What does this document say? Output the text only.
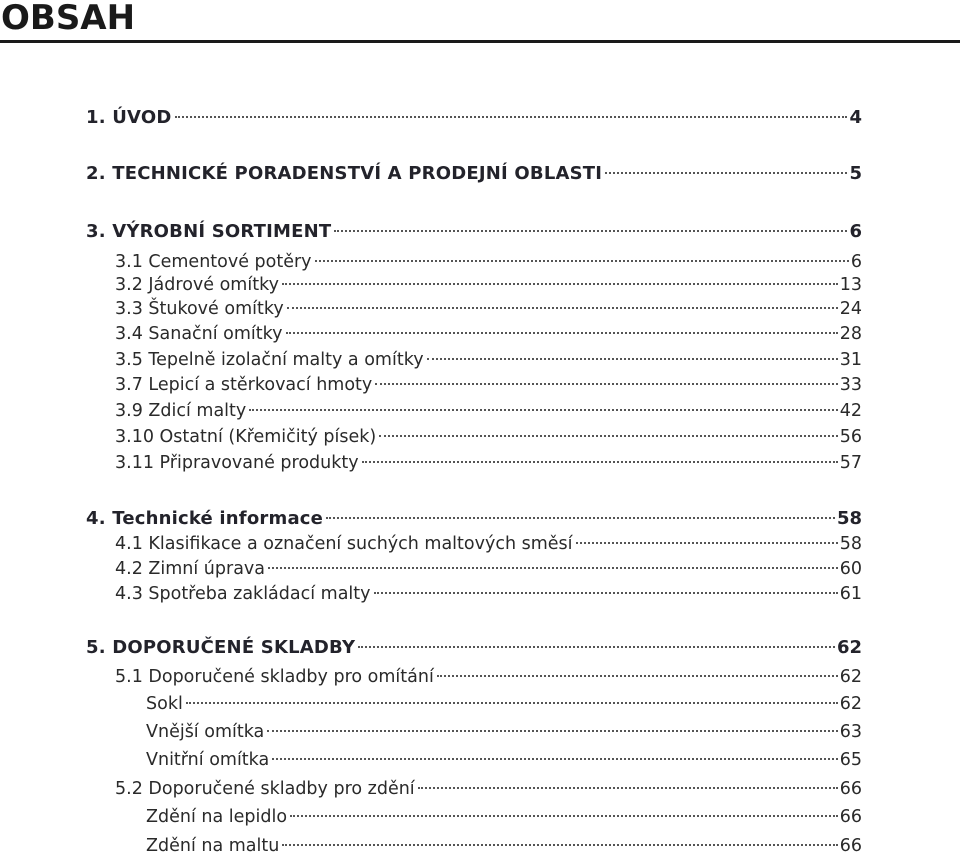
OBSAH
1. ÚVOD	4
2. TECHNICKÉ PORADENSTVÍ A PRODEJNÍ OBLASTI	5
3. VÝROBNÍ SORTIMENT	6
3.1 Cementové potěry	6
3.2 Jádrové omítky	13
3.3 Štukové omítky	24
3.4 Sanační omítky	28
3.5 Tepelně izolační malty a omítky	31
3.7 Lepicí a stěrkovací hmoty	33
3.9 Zdicí malty	42
3.10 Ostatní (Křemičitý písek)	56
3.11 Připravované produkty	57
4. Technické informace	58
4.1 Klasifikace a označení suchých maltových směsí	58
4.2 Zimní úprava	60
4.3 Spotřeba zakládací malty	61
5. DOPORUČENÉ SKLADBY	62
5.1 Doporučené skladby pro omítání	62
Sokl	62
Vnější omítka	63
Vnitřní omítka	65
5.2 Doporučené skladby pro zdění	66
Zdění na lepidlo	66
Zdění na maltu	66
